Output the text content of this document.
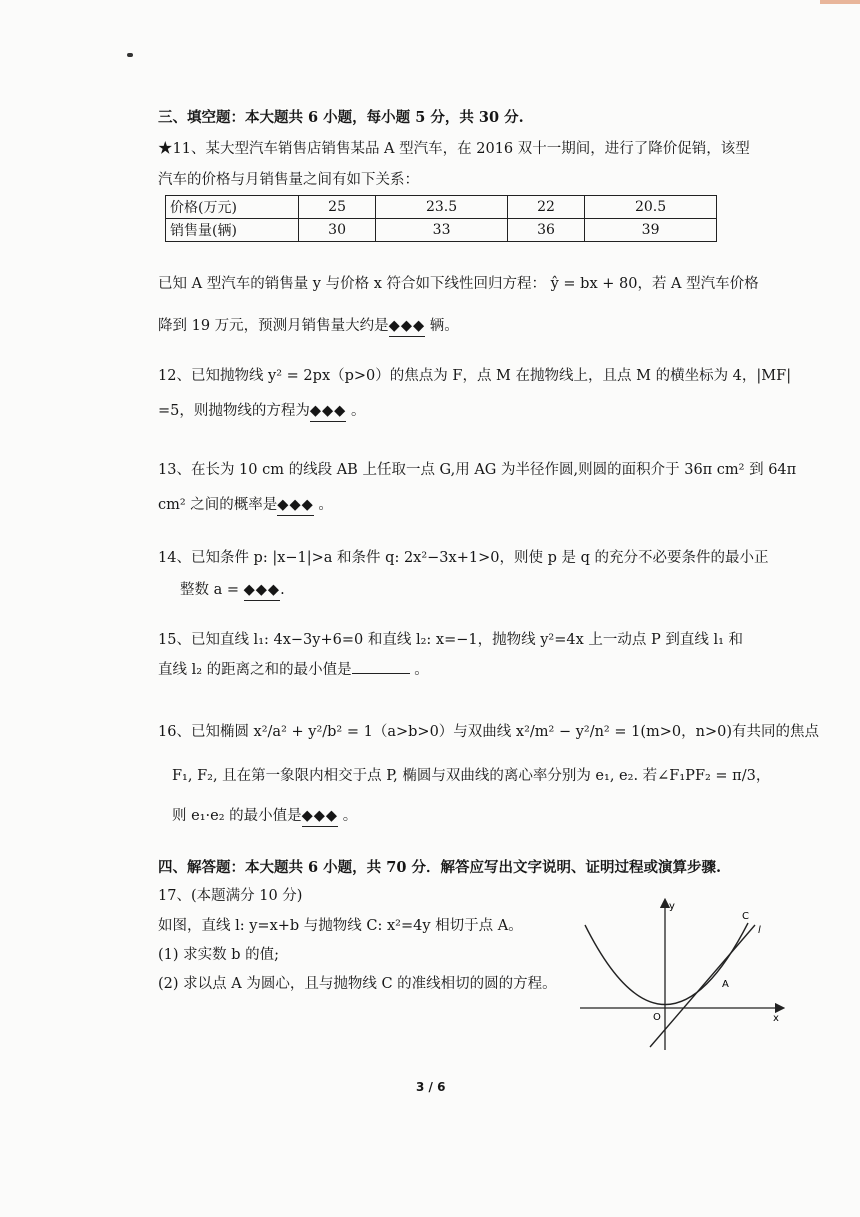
三、填空题：本大题共 6 小题，每小题 5 分，共 30 分.
★11、某大型汽车销售店销售某品 A 型汽车，在 2016 双十一期间，进行了降价促销，该型
汽车的价格与月销售量之间有如下关系：
价格(万元)	25	23.5	22	20.5
销售量(辆)	30	33	36	39
已知 A 型汽车的销售量 y 与价格 x 符合如下线性回归方程： ŷ = bx + 80，若 A 型汽车价格
降到 19 万元，预测月销售量大约是◆◆◆ 辆。
12、已知抛物线 y² = 2px（p>0）的焦点为 F，点 M 在抛物线上，且点 M 的横坐标为 4，|MF|
=5，则抛物线的方程为◆◆◆ 。
13、在长为 10 cm 的线段 AB 上任取一点 G,用 AG 为半径作圆,则圆的面积介于 36π cm² 到 64π
cm² 之间的概率是◆◆◆ 。
14、已知条件 p: |x−1|>a 和条件 q: 2x²−3x+1>0，则使 p 是 q 的充分不必要条件的最小正
整数 a = ◆◆◆.
15、已知直线 l₁: 4x−3y+6=0 和直线 l₂: x=−1，抛物线 y²=4x 上一动点 P 到直线 l₁ 和
直线 l₂ 的距离之和的最小值是	。
16、已知椭圆 x²/a² + y²/b² = 1（a>b>0）与双曲线 x²/m² − y²/n² = 1(m>0，n>0)有共同的焦点
F₁, F₂, 且在第一象限内相交于点 P, 椭圆与双曲线的离心率分别为 e₁, e₂. 若∠F₁PF₂ = π/3，
则 e₁·e₂ 的最小值是◆◆◆ 。
四、解答题：本大题共 6 小题，共 70 分．解答应写出文字说明、证明过程或演算步骤.
17、(本题满分 10 分)
如图，直线 l: y=x+b 与抛物线 C: x²=4y 相切于点 A。
(1) 求实数 b 的值;
(2) 求以点 A 为圆心，且与抛物线 C 的准线相切的圆的方程。
y
x
O
A
C
l
3 / 6
